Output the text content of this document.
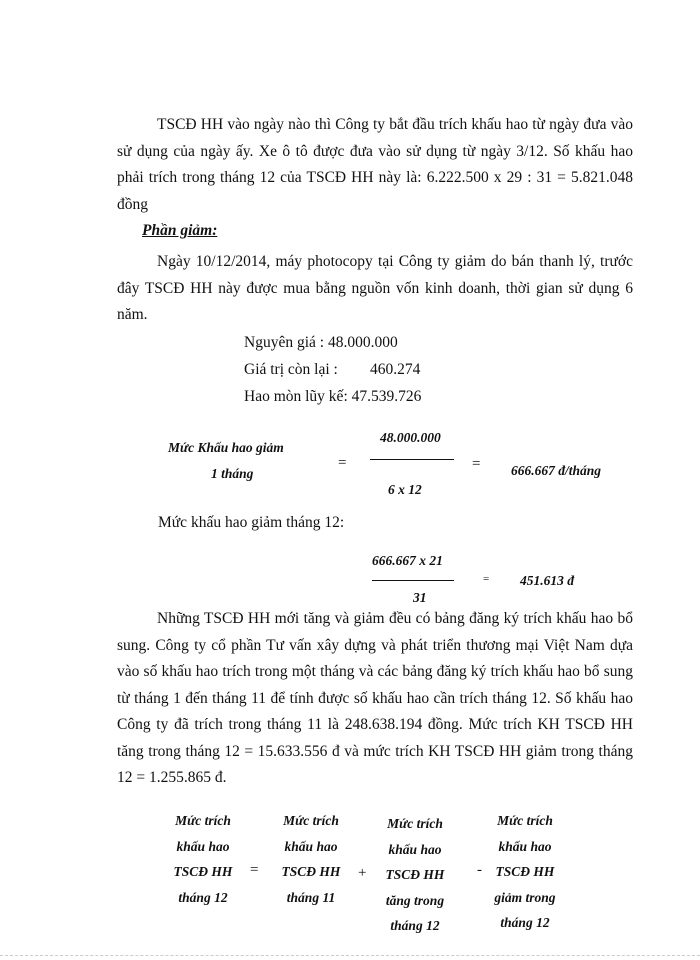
TSCĐ HH vào ngày nào thì Công ty bắt đầu trích khấu hao từ ngày đưa vào sử dụng của ngày ấy. Xe ô tô được đưa vào sử dụng từ ngày 3/12. Số khấu hao phải trích trong tháng 12 của TSCĐ HH này là: 6.222.500 x 29 : 31 = 5.821.048 đồng
Phần giảm:
Ngày 10/12/2014, máy photocopy tại Công ty giảm do bán thanh lý, trước đây TSCĐ HH này được mua bằng nguồn vốn kinh doanh, thời gian sử dụng 6 năm.
Nguyên giá : 48.000.000
Giá trị còn lại : 460.274
Hao mòn lũy kế: 47.539.726
Mức Khấu hao giảm
1 tháng
=
48.000.000
6 x 12
= 666.667 đ/tháng
Mức khấu hao giảm tháng 12:
666.667 x 21
= 451.613 đ
31
Những TSCĐ HH mới tăng và giảm đều có bảng đăng ký trích khấu hao bổ sung. Công ty cổ phần Tư vấn xây dựng và phát triển thương mại Việt Nam dựa vào số khấu hao trích trong một tháng và các bảng đăng ký trích khấu hao bổ sung từ tháng 1 đến tháng 11 để tính được số khấu hao cần trích tháng 12. Số khấu hao Công ty đã trích trong tháng 11 là 248.638.194 đồng. Mức trích KH TSCĐ HH tăng trong tháng 12 = 15.633.556 đ và mức trích KH TSCĐ HH giảm trong tháng 12 = 1.255.865 đ.
Mức trích
khấu hao
TSCĐ HH
tháng 12
=
Mức trích
khấu hao
TSCĐ HH
tháng 11
+
Mức trích
khấu hao
TSCĐ HH
tăng trong
tháng 12
-
Mức trích
khấu hao
TSCĐ HH
giảm trong
tháng 12
